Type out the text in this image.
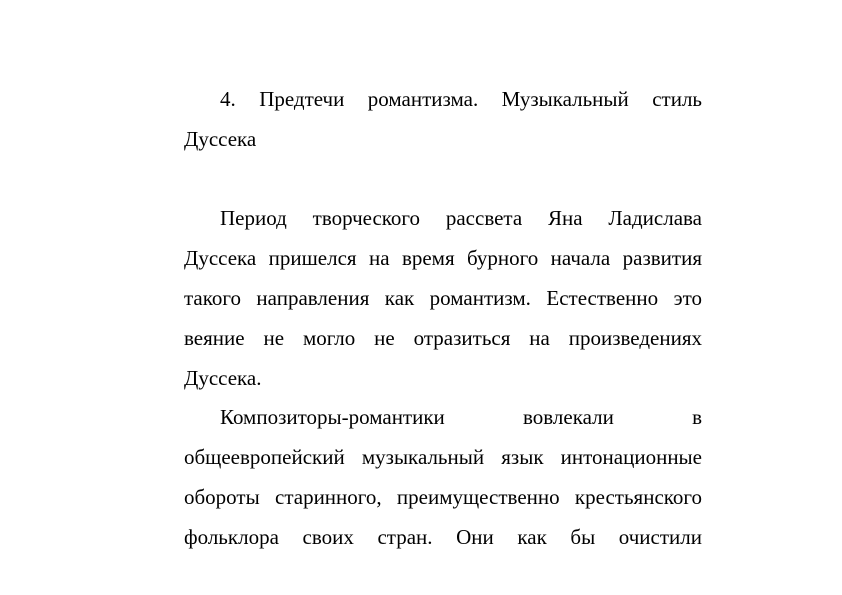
4. Предтечи романтизма. Музыкальный стиль
Дуссека
Период творческого рассвета Яна Ладислава
Дуссека пришелся на время бурного начала развития
такого направления как романтизм. Естественно это
веяние не могло не отразиться на произведениях
Дуссека.
Композиторы-романтики вовлекали в
общеевропейский музыкальный язык интонационные
обороты старинного, преимущественно крестьянского
фольклора своих стран. Они как бы очистили
